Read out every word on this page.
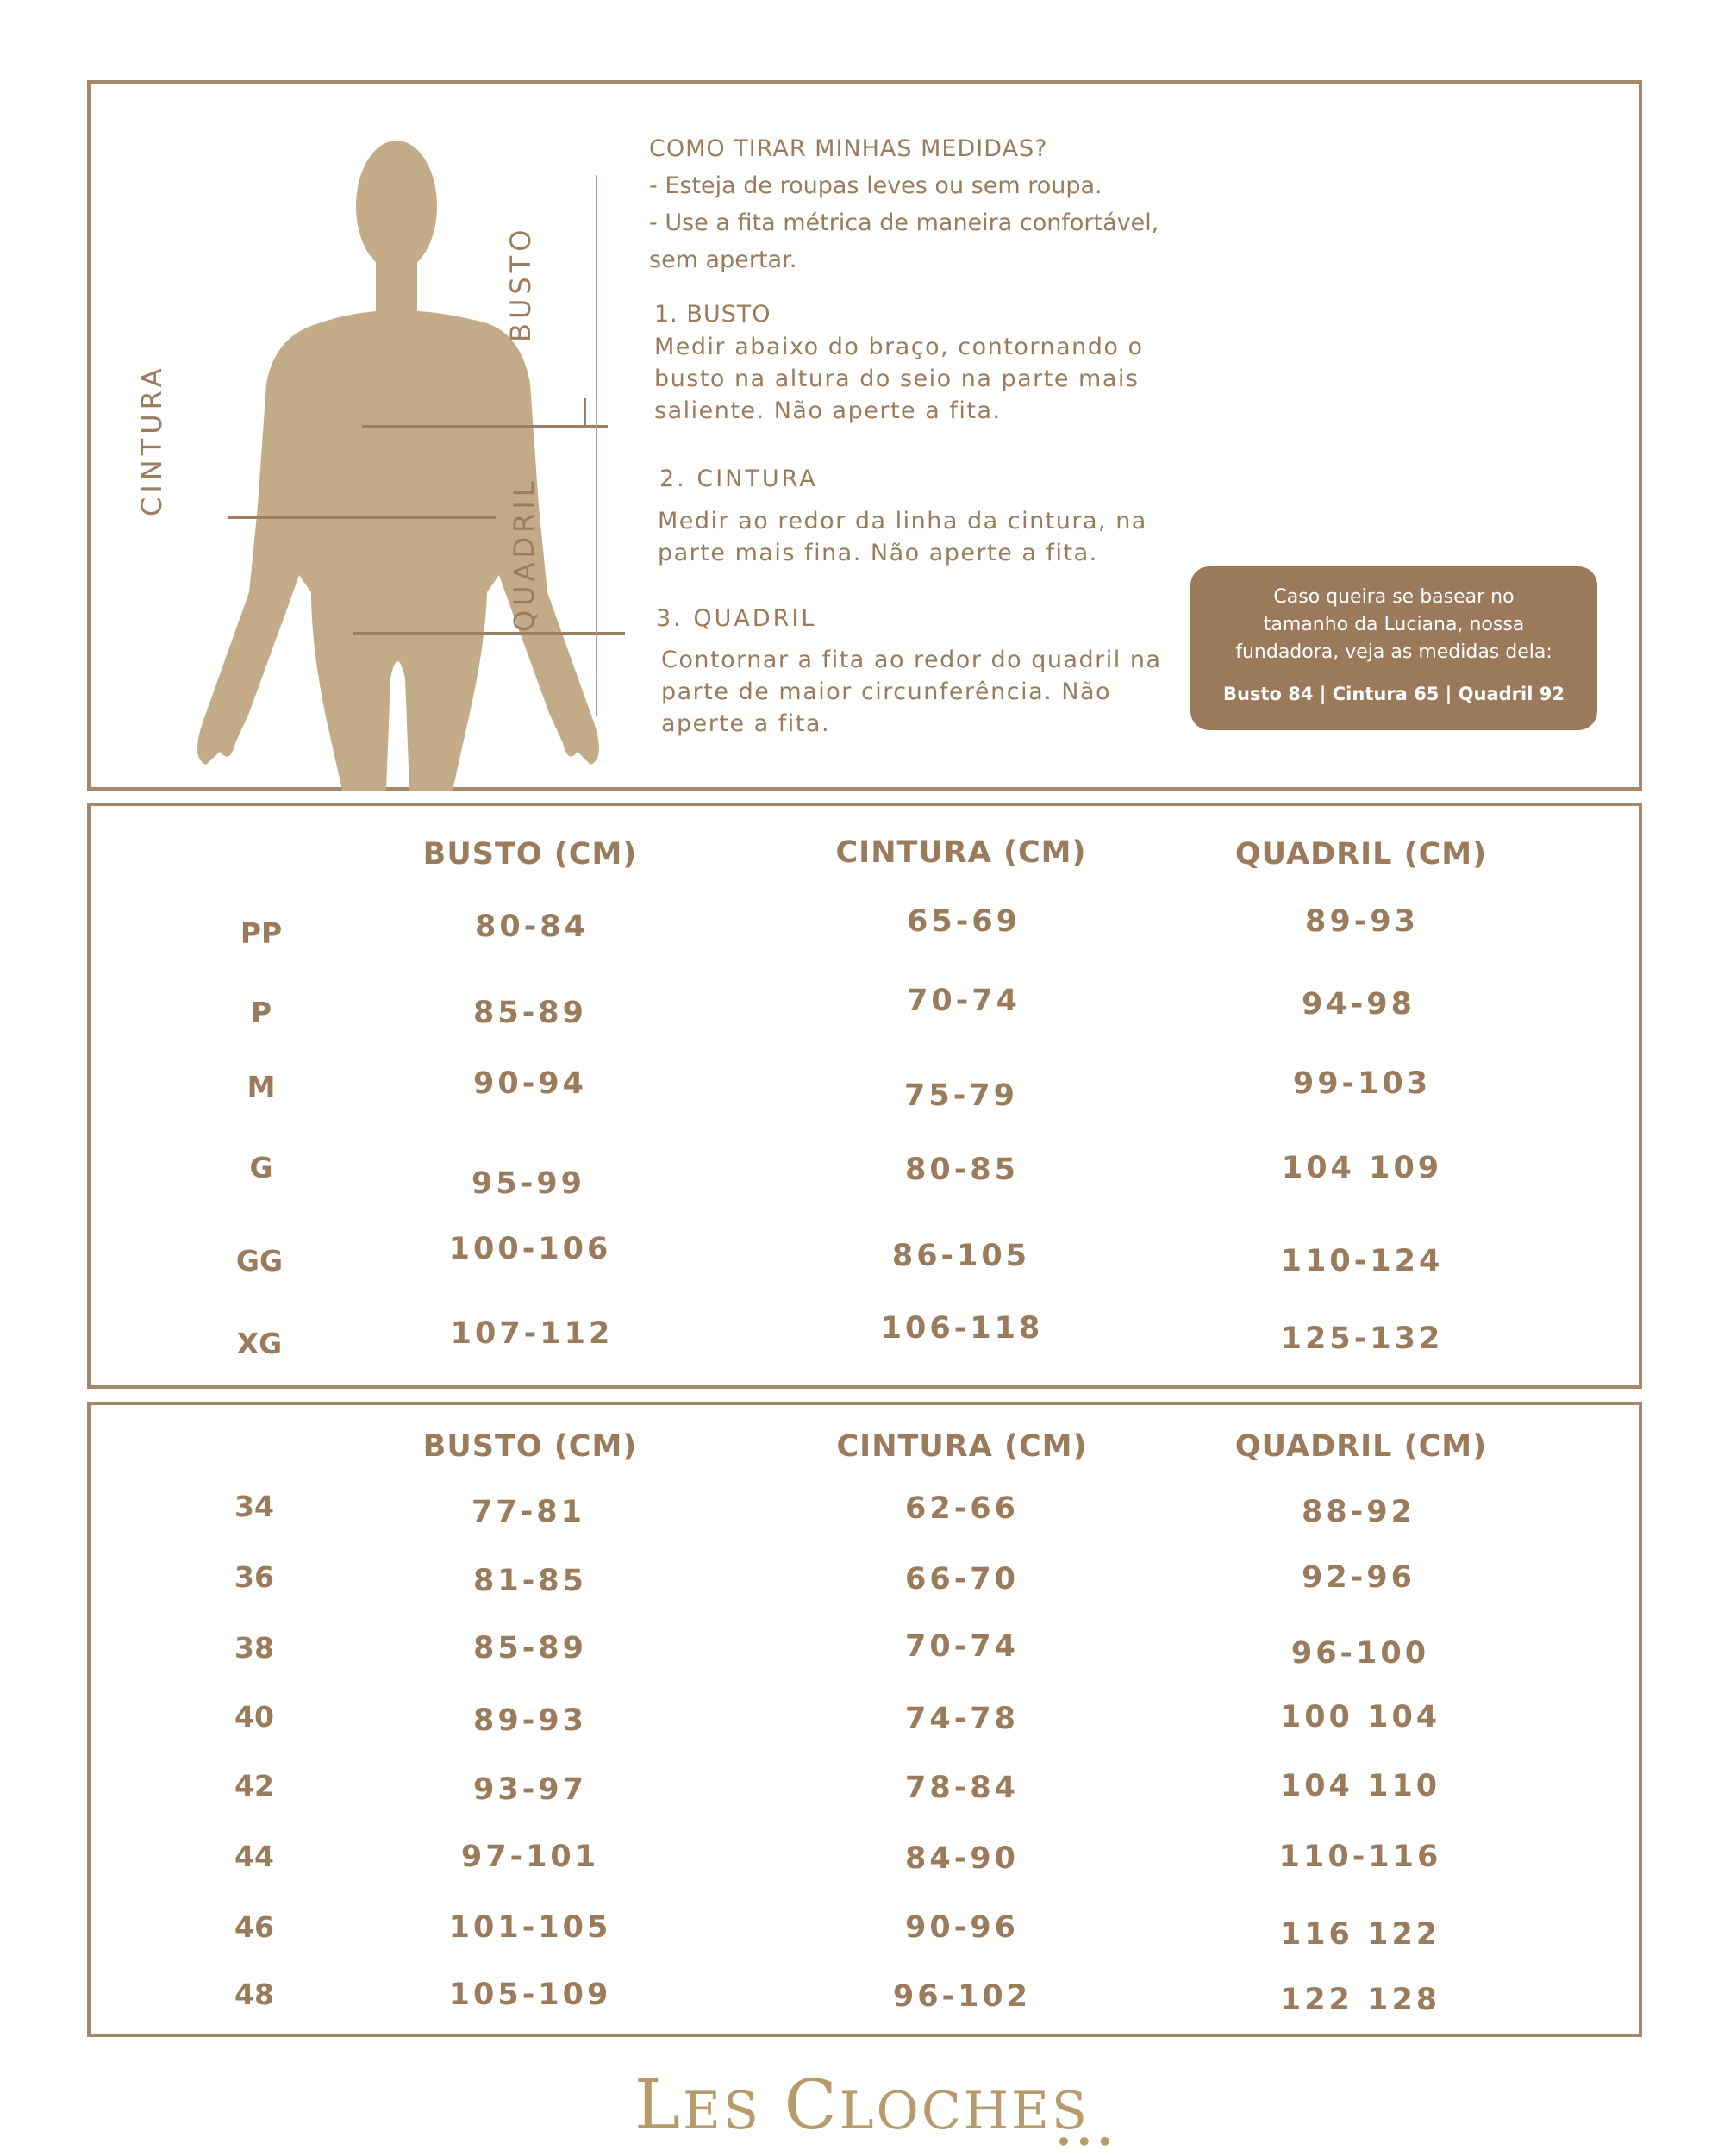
CINTURA
BUSTO
QUADRIL
COMO TIRAR MINHAS MEDIDAS?
- Esteja de roupas leves ou sem roupa.
- Use a fita métrica de maneira confortável,
sem apertar.
1. BUSTO
Medir abaixo do braço, contornando o
busto na altura do seio na parte mais
saliente. Não aperte a fita.
2. CINTURA
Medir ao redor da linha da cintura, na
parte mais fina. Não aperte a fita.
3. QUADRIL
Contornar a fita ao redor do quadril na
parte de maior circunferência. Não
aperte a fita.
Caso queira se basear no
tamanho da Luciana, nossa
fundadora, veja as medidas dela:
Busto 84 | Cintura 65 | Quadril 92
BUSTO (CM)	CINTURA (CM)	QUADRIL (CM)
PP	80-84	65-69	89-93
P	85-89	70-74	94-98
M	90-94	75-79	99-103
G	95-99	80-85	104 109
GG	100-106	86-105	110-124
XG	107-112	106-118	125-132
BUSTO (CM)	CINTURA (CM)	QUADRIL (CM)
34	77-81	62-66	88-92
36	81-85	66-70	92-96
38	85-89	70-74	96-100
40	89-93	74-78	100 104
42	93-97	78-84	104 110
44	97-101	84-90	110-116
46	101-105	90-96	116 122
48	105-109	96-102	122 128
LES CLOCHES
•••
